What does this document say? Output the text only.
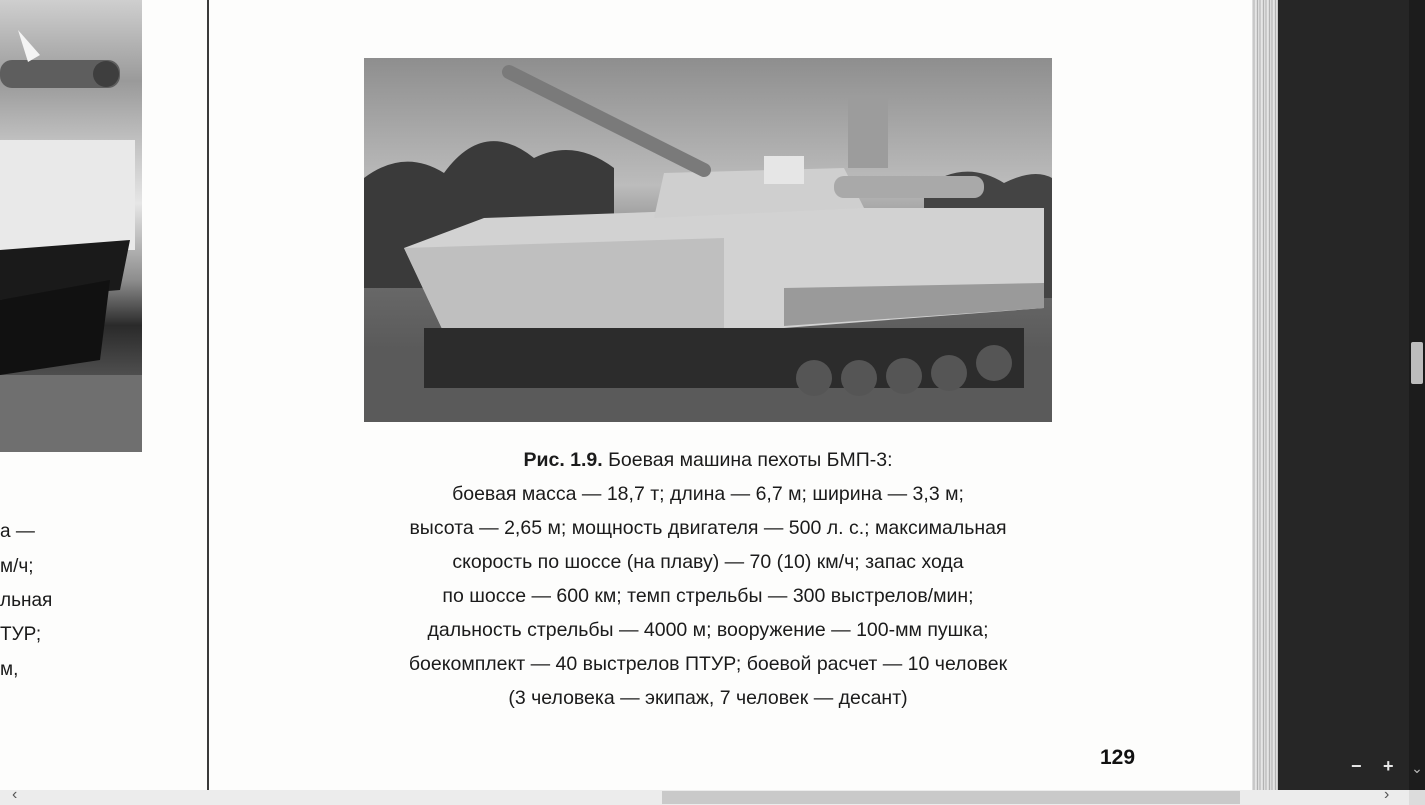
а —
м/ч;
льная
ТУР;
м,
Рис. 1.9. Боевая машина пехоты БМП-3:
боевая масса — 18,7 т; длина — 6,7 м; ширина — 3,3 м;
высота — 2,65 м; мощность двигателя — 500 л. с.; максимальная
скорость по шоссе (на плаву) — 70 (10) км/ч; запас хода
по шоссе — 600 км; темп стрельбы — 300 выстрелов/мин;
дальность стрельбы — 4000 м; вооружение — 100-мм пушка;
боекомплект — 40 выстрелов ПТУР; боевой расчет — 10 человек
(3 человека — экипаж, 7 человек — десант)
129	− + ⌄
‹	›
